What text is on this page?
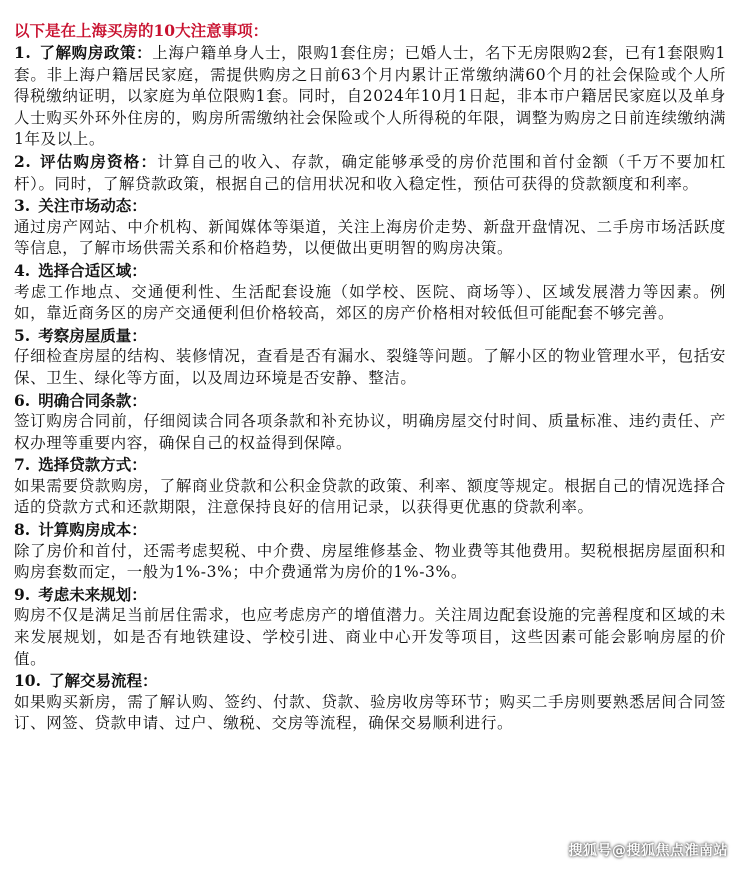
以下是在上海买房的10大注意事项：

1. 了解购房政策：上海户籍单身人士，限购1套住房；已婚人士，名下无房限购2套，已有1套限购1套。非上海户籍居民家庭，需提供购房之日前63个月内累计正常缴纳满60个月的社会保险或个人所得税缴纳证明，以家庭为单位限购1套。同时，自2024年10月1日起，非本市户籍居民家庭以及单身人士购买外环外住房的，购房所需缴纳社会保险或个人所得税的年限，调整为购房之日前连续缴纳满1年及以上。

2. 评估购房资格：计算自己的收入、存款，确定能够承受的房价范围和首付金额（千万不要加杠杆）。同时，了解贷款政策，根据自己的信用状况和收入稳定性，预估可获得的贷款额度和利率。

3. 关注市场动态：

通过房产网站、中介机构、新闻媒体等渠道，关注上海房价走势、新盘开盘情况、二手房市场活跃度等信息，了解市场供需关系和价格趋势，以便做出更明智的购房决策。

4. 选择合适区域：

考虑工作地点、交通便利性、生活配套设施（如学校、医院、商场等）、区域发展潜力等因素。例如，靠近商务区的房产交通便利但价格较高，郊区的房产价格相对较低但可能配套不够完善。

5. 考察房屋质量：

仔细检查房屋的结构、装修情况，查看是否有漏水、裂缝等问题。了解小区的物业管理水平，包括安保、卫生、绿化等方面，以及周边环境是否安静、整洁。

6. 明确合同条款：

签订购房合同前，仔细阅读合同各项条款和补充协议，明确房屋交付时间、质量标准、违约责任、产权办理等重要内容，确保自己的权益得到保障。

7. 选择贷款方式：

如果需要贷款购房，了解商业贷款和公积金贷款的政策、利率、额度等规定。根据自己的情况选择合适的贷款方式和还款期限，注意保持良好的信用记录，以获得更优惠的贷款利率。

8. 计算购房成本：

除了房价和首付，还需考虑契税、中介费、房屋维修基金、物业费等其他费用。契税根据房屋面积和购房套数而定，一般为1%-3%；中介费通常为房价的1%-3%。

9. 考虑未来规划：

购房不仅是满足当前居住需求，也应考虑房产的增值潜力。关注周边配套设施的完善程度和区域的未来发展规划，如是否有地铁建设、学校引进、商业中心开发等项目，这些因素可能会影响房屋的价值。

10. 了解交易流程：

如果购买新房，需了解认购、签约、付款、贷款、验房收房等环节；购买二手房则要熟悉居间合同签订、网签、贷款申请、过户、缴税、交房等流程，确保交易顺利进行。

搜狐号@搜狐焦点淮南站
